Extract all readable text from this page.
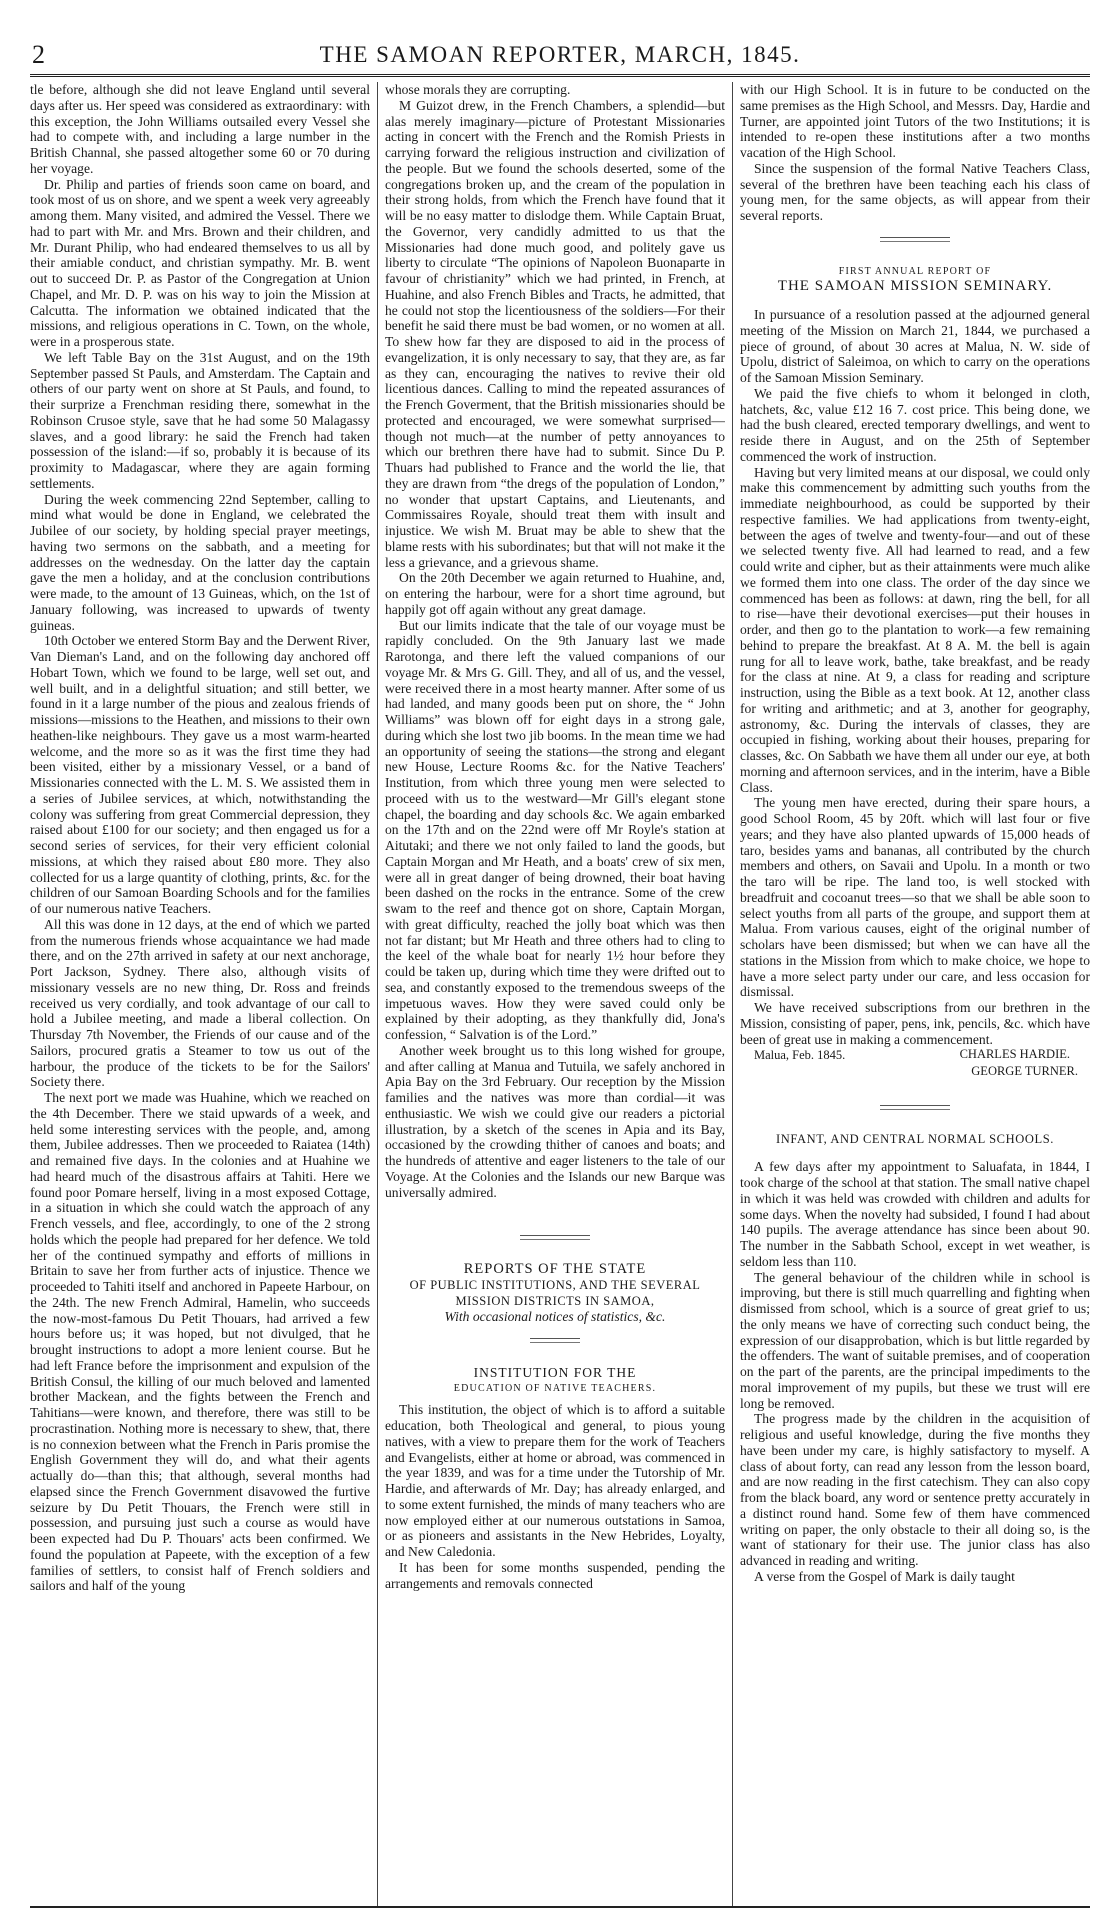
2	THE SAMOAN REPORTER, MARCH, 1845.

tle before, although she did not leave England until several days after us. Her speed was considered as extraordinary: with this exception, the John Williams outsailed every Vessel she had to compete with, and including a large number in the British Channal, she passed altogether some 60 or 70 during her voyage.

Dr. Philip and parties of friends soon came on board, and took most of us on shore, and we spent a week very agreeably among them. Many visited, and admired the Vessel. There we had to part with Mr. and Mrs. Brown and their children, and Mr. Durant Philip, who had endeared themselves to us all by their amiable conduct, and christian sympathy. Mr. B. went out to succeed Dr. P. as Pastor of the Congregation at Union Chapel, and Mr. D. P. was on his way to join the Mission at Calcutta. The information we obtained indicated that the missions, and religious operations in C. Town, on the whole, were in a prosperous state.

We left Table Bay on the 31st August, and on the 19th September passed St Pauls, and Amsterdam. The Captain and others of our party went on shore at St Pauls, and found, to their surprize a Frenchman residing there, somewhat in the Robinson Crusoe style, save that he had some 50 Malagassy slaves, and a good library: he said the French had taken possession of the island:—if so, probably it is because of its proximity to Madagascar, where they are again forming settlements.

During the week commencing 22nd September, calling to mind what would be done in England, we celebrated the Jubilee of our society, by holding special prayer meetings, having two sermons on the sabbath, and a meeting for addresses on the wednesday. On the latter day the captain gave the men a holiday, and at the conclusion contributions were made, to the amount of 13 Guineas, which, on the 1st of January following, was increased to upwards of twenty guineas.

10th October we entered Storm Bay and the Derwent River, Van Dieman's Land, and on the following day anchored off Hobart Town, which we found to be large, well set out, and well built, and in a delightful situation; and still better, we found in it a large number of the pious and zealous friends of missions—missions to the Heathen, and missions to their own heathen-like neighbours. They gave us a most warm-hearted welcome, and the more so as it was the first time they had been visited, either by a missionary Vessel, or a band of Missionaries connected with the L. M. S. We assisted them in a series of Jubilee services, at which, notwithstanding the colony was suffering from great Commercial depression, they raised about £100 for our society; and then engaged us for a second series of services, for their very efficient colonial missions, at which they raised about £80 more. They also collected for us a large quantity of clothing, prints, &c. for the children of our Samoan Boarding Schools and for the families of our numerous native Teachers.

All this was done in 12 days, at the end of which we parted from the numerous friends whose acquaintance we had made there, and on the 27th arrived in safety at our next anchorage, Port Jackson, Sydney. There also, although visits of missionary vessels are no new thing, Dr. Ross and freinds received us very cordially, and took advantage of our call to hold a Jubilee meeting, and made a liberal collection. On Thursday 7th November, the Friends of our cause and of the Sailors, procured gratis a Steamer to tow us out of the harbour, the produce of the tickets to be for the Sailors' Society there.

The next port we made was Huahine, which we reached on the 4th December. There we staid upwards of a week, and held some interesting services with the people, and, among them, Jubilee addresses. Then we proceeded to Raiatea (14th) and remained five days. In the colonies and at Huahine we had heard much of the disastrous affairs at Tahiti. Here we found poor Pomare herself, living in a most exposed Cottage, in a situation in which she could watch the approach of any French vessels, and flee, accordingly, to one of the 2 strong holds which the people had prepared for her defence. We told her of the continued sympathy and efforts of millions in Britain to save her from further acts of injustice. Thence we proceeded to Tahiti itself and anchored in Papeete Harbour, on the 24th. The new French Admiral, Hamelin, who succeeds the now-most-famous Du Petit Thouars, had arrived a few hours before us; it was hoped, but not divulged, that he brought instructions to adopt a more lenient course. But he had left France before the imprisonment and expulsion of the British Consul, the killing of our much beloved and lamented brother Mackean, and the fights between the French and Tahitians—were known, and therefore, there was still to be procrastination. Nothing more is necessary to shew, that, there is no connexion between what the French in Paris promise the English Government they will do, and what their agents actually do—than this; that although, several months had elapsed since the French Government disavowed the furtive seizure by Du Petit Thouars, the French were still in possession, and pursuing just such a course as would have been expected had Du P. Thouars' acts been confirmed. We found the population at Papeete, with the exception of a few families of settlers, to consist half of French soldiers and sailors and half of the young

whose morals they are corrupting.

M Guizot drew, in the French Chambers, a splendid—but alas merely imaginary—picture of Protestant Missionaries acting in concert with the French and the Romish Priests in carrying forward the religious instruction and civilization of the people. But we found the schools deserted, some of the congregations broken up, and the cream of the population in their strong holds, from which the French have found that it will be no easy matter to dislodge them. While Captain Bruat, the Governor, very candidly admitted to us that the Missionaries had done much good, and politely gave us liberty to circulate “The opinions of Napoleon Buonaparte in favour of christianity” which we had printed, in French, at Huahine, and also French Bibles and Tracts, he admitted, that he could not stop the licentiousness of the soldiers—For their benefit he said there must be bad women, or no women at all. To shew how far they are disposed to aid in the process of evangelization, it is only necessary to say, that they are, as far as they can, encouraging the natives to revive their old licentious dances. Calling to mind the repeated assurances of the French Goverment, that the British missionaries should be protected and encouraged, we were somewhat surprised—though not much—at the number of petty annoyances to which our brethren there have had to submit. Since Du P. Thuars had published to France and the world the lie, that they are drawn from “the dregs of the population of London,” no wonder that upstart Captains, and Lieutenants, and Commissaires Royale, should treat them with insult and injustice. We wish M. Bruat may be able to shew that the blame rests with his subordinates; but that will not make it the less a grievance, and a grievous shame.

On the 20th December we again returned to Huahine, and, on entering the harbour, were for a short time aground, but happily got off again without any great damage.

But our limits indicate that the tale of our voyage must be rapidly concluded. On the 9th January last we made Rarotonga, and there left the valued companions of our voyage Mr. & Mrs G. Gill. They, and all of us, and the vessel, were received there in a most hearty manner. After some of us had landed, and many goods been put on shore, the “ John Williams” was blown off for eight days in a strong gale, during which she lost two jib booms. In the mean time we had an opportunity of seeing the stations—the strong and elegant new House, Lecture Rooms &c. for the Native Teachers' Institution, from which three young men were selected to proceed with us to the westward—Mr Gill's elegant stone chapel, the boarding and day schools &c. We again embarked on the 17th and on the 22nd were off Mr Royle's station at Aitutaki; and there we not only failed to land the goods, but Captain Morgan and Mr Heath, and a boats' crew of six men, were all in great danger of being drowned, their boat having been dashed on the rocks in the entrance. Some of the crew swam to the reef and thence got on shore, Captain Morgan, with great difficulty, reached the jolly boat which was then not far distant; but Mr Heath and three others had to cling to the keel of the whale boat for nearly 1½ hour before they could be taken up, during which time they were drifted out to sea, and constantly exposed to the tremendous sweeps of the impetuous waves. How they were saved could only be explained by their adopting, as they thankfully did, Jona's confession, “ Salvation is of the Lord.”

Another week brought us to this long wished for groupe, and after calling at Manua and Tutuila, we safely anchored in Apia Bay on the 3rd February. Our reception by the Mission families and the natives was more than cordial—it was enthusiastic. We wish we could give our readers a pictorial illustration, by a sketch of the scenes in Apia and its Bay, occasioned by the crowding thither of canoes and boats; and the hundreds of attentive and eager listeners to the tale of our Voyage. At the Colonies and the Islands our new Barque was universally admired.

REPORTS OF THE STATE

OF PUBLIC INSTITUTIONS, AND THE SEVERAL

MISSION DISTRICTS IN SAMOA,

With occasional notices of statistics, &c.

INSTITUTION FOR THE

EDUCATION OF NATIVE TEACHERS.

This institution, the object of which is to afford a suitable education, both Theological and general, to pious young natives, with a view to prepare them for the work of Teachers and Evangelists, either at home or abroad, was commenced in the year 1839, and was for a time under the Tutorship of Mr. Hardie, and afterwards of Mr. Day; has already enlarged, and to some extent furnished, the minds of many teachers who are now employed either at our numerous outstations in Samoa, or as pioneers and assistants in the New Hebrides, Loyalty, and New Caledonia.

It has been for some months suspended, pending the arrangements and removals connected

with our High School. It is in future to be conducted on the same premises as the High School, and Messrs. Day, Hardie and Turner, are appointed joint Tutors of the two Institutions; it is intended to re-open these institutions after a two months vacation of the High School.

Since the suspension of the formal Native Teachers Class, several of the brethren have been teaching each his class of young men, for the same objects, as will appear from their several reports.

FIRST ANNUAL REPORT OF

THE SAMOAN MISSION SEMINARY.

In pursuance of a resolution passed at the adjourned general meeting of the Mission on March 21, 1844, we purchased a piece of ground, of about 30 acres at Malua, N. W. side of Upolu, district of Saleimoa, on which to carry on the operations of the Samoan Mission Seminary.

We paid the five chiefs to whom it belonged in cloth, hatchets, &c, value £12 16 7. cost price. This being done, we had the bush cleared, erected temporary dwellings, and went to reside there in August, and on the 25th of September commenced the work of instruction.

Having but very limited means at our disposal, we could only make this commencement by admitting such youths from the immediate neighbourhood, as could be supported by their respective families. We had applications from twenty-eight, between the ages of twelve and twenty-four—and out of these we selected twenty five. All had learned to read, and a few could write and cipher, but as their attainments were much alike we formed them into one class. The order of the day since we commenced has been as follows: at dawn, ring the bell, for all to rise—have their devotional exercises—put their houses in order, and then go to the plantation to work—a few remaining behind to prepare the breakfast. At 8 A. M. the bell is again rung for all to leave work, bathe, take breakfast, and be ready for the class at nine. At 9, a class for reading and scripture instruction, using the Bible as a text book. At 12, another class for writing and arithmetic; and at 3, another for geography, astronomy, &c. During the intervals of classes, they are occupied in fishing, working about their houses, preparing for classes, &c. On Sabbath we have them all under our eye, at both morning and afternoon services, and in the interim, have a Bible Class.

The young men have erected, during their spare hours, a good School Room, 45 by 20ft. which will last four or five years; and they have also planted upwards of 15,000 heads of taro, besides yams and bananas, all contributed by the church members and others, on Savaii and Upolu. In a month or two the taro will be ripe. The land too, is well stocked with breadfruit and cocoanut trees—so that we shall be able soon to select youths from all parts of the groupe, and support them at Malua. From various causes, eight of the original number of scholars have been dismissed; but when we can have all the stations in the Mission from which to make choice, we hope to have a more select party under our care, and less occasion for dismissal.

We have received subscriptions from our brethren in the Mission, consisting of paper, pens, ink, pencils, &c. which have been of great use in making a commencement.

Malua, Feb. 1845.	CHARLES HARDIE.
GEORGE TURNER.

INFANT, AND CENTRAL NORMAL SCHOOLS.

A few days after my appointment to Saluafata, in 1844, I took charge of the school at that station. The small native chapel in which it was held was crowded with children and adults for some days. When the novelty had subsided, I found I had about 140 pupils. The average attendance has since been about 90. The number in the Sabbath School, except in wet weather, is seldom less than 110.

The general behaviour of the children while in school is improving, but there is still much quarrelling and fighting when dismissed from school, which is a source of great grief to us; the only means we have of correcting such conduct being, the expression of our disapprobation, which is but little regarded by the offenders. The want of suitable premises, and of cooperation on the part of the parents, are the principal impediments to the moral improvement of my pupils, but these we trust will ere long be removed.

The progress made by the children in the acquisition of religious and useful knowledge, during the five months they have been under my care, is highly satisfactory to myself. A class of about forty, can read any lesson from the lesson board, and are now reading in the first catechism. They can also copy from the black board, any word or sentence pretty accurately in a distinct round hand. Some few of them have commenced writing on paper, the only obstacle to their all doing so, is the want of stationary for their use. The junior class has also advanced in reading and writing.

A verse from the Gospel of Mark is daily taught
